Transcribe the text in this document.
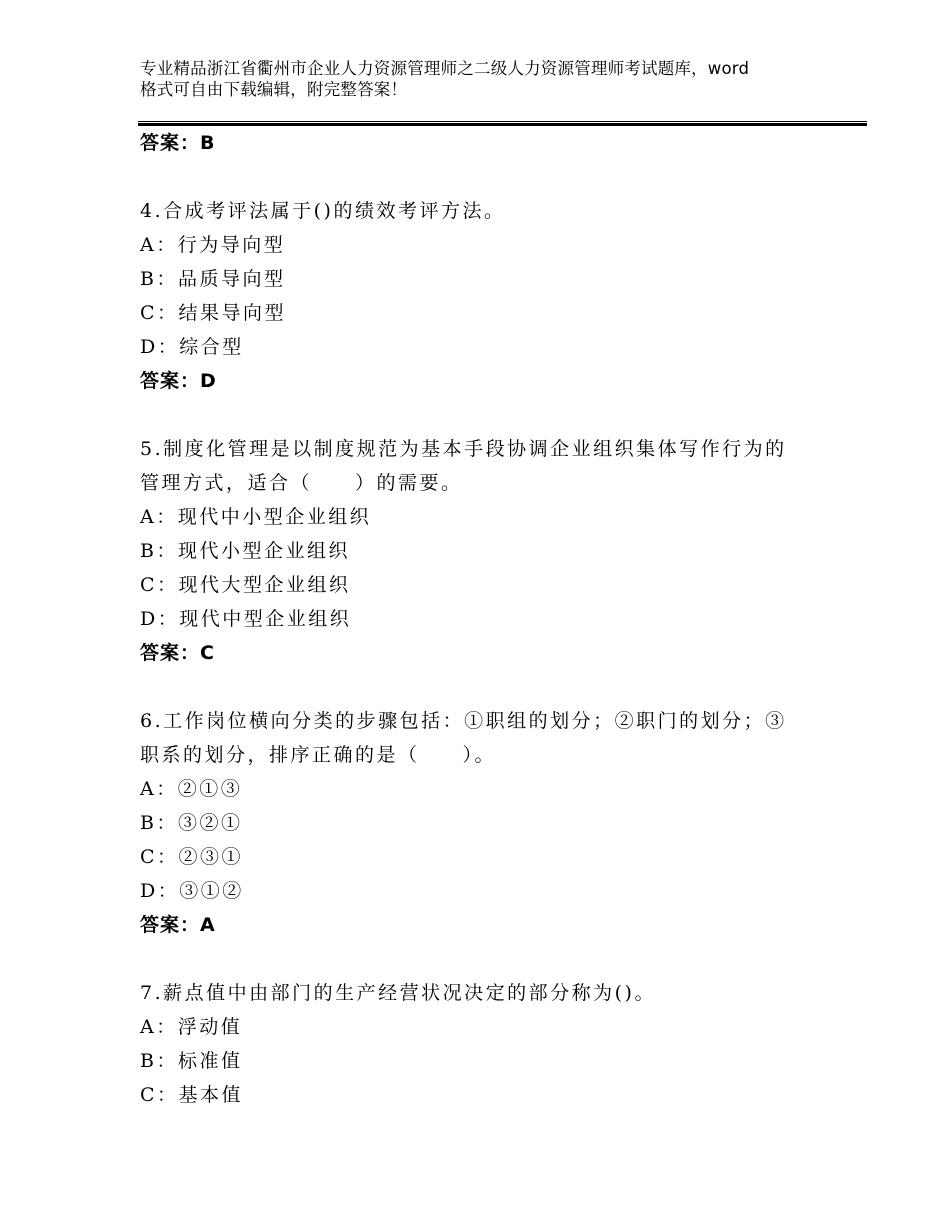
专业精品浙江省衢州市企业人力资源管理师之二级人力资源管理师考试题库，word
格式可自由下载编辑，附完整答案！
答案：B
4.合成考评法属于()的绩效考评方法。
A：行为导向型
B：品质导向型
C：结果导向型
D：综合型
答案：D
5.制度化管理是以制度规范为基本手段协调企业组织集体写作行为的
管理方式，适合（　　）的需要。
A：现代中小型企业组织
B：现代小型企业组织
C：现代大型企业组织
D：现代中型企业组织
答案：C
6.工作岗位横向分类的步骤包括：①职组的划分；②职门的划分；③
职系的划分，排序正确的是（　　）。
A：②①③
B：③②①
C：②③①
D：③①②
答案：A
7.薪点值中由部门的生产经营状况决定的部分称为()。
A：浮动值
B：标准值
C：基本值
